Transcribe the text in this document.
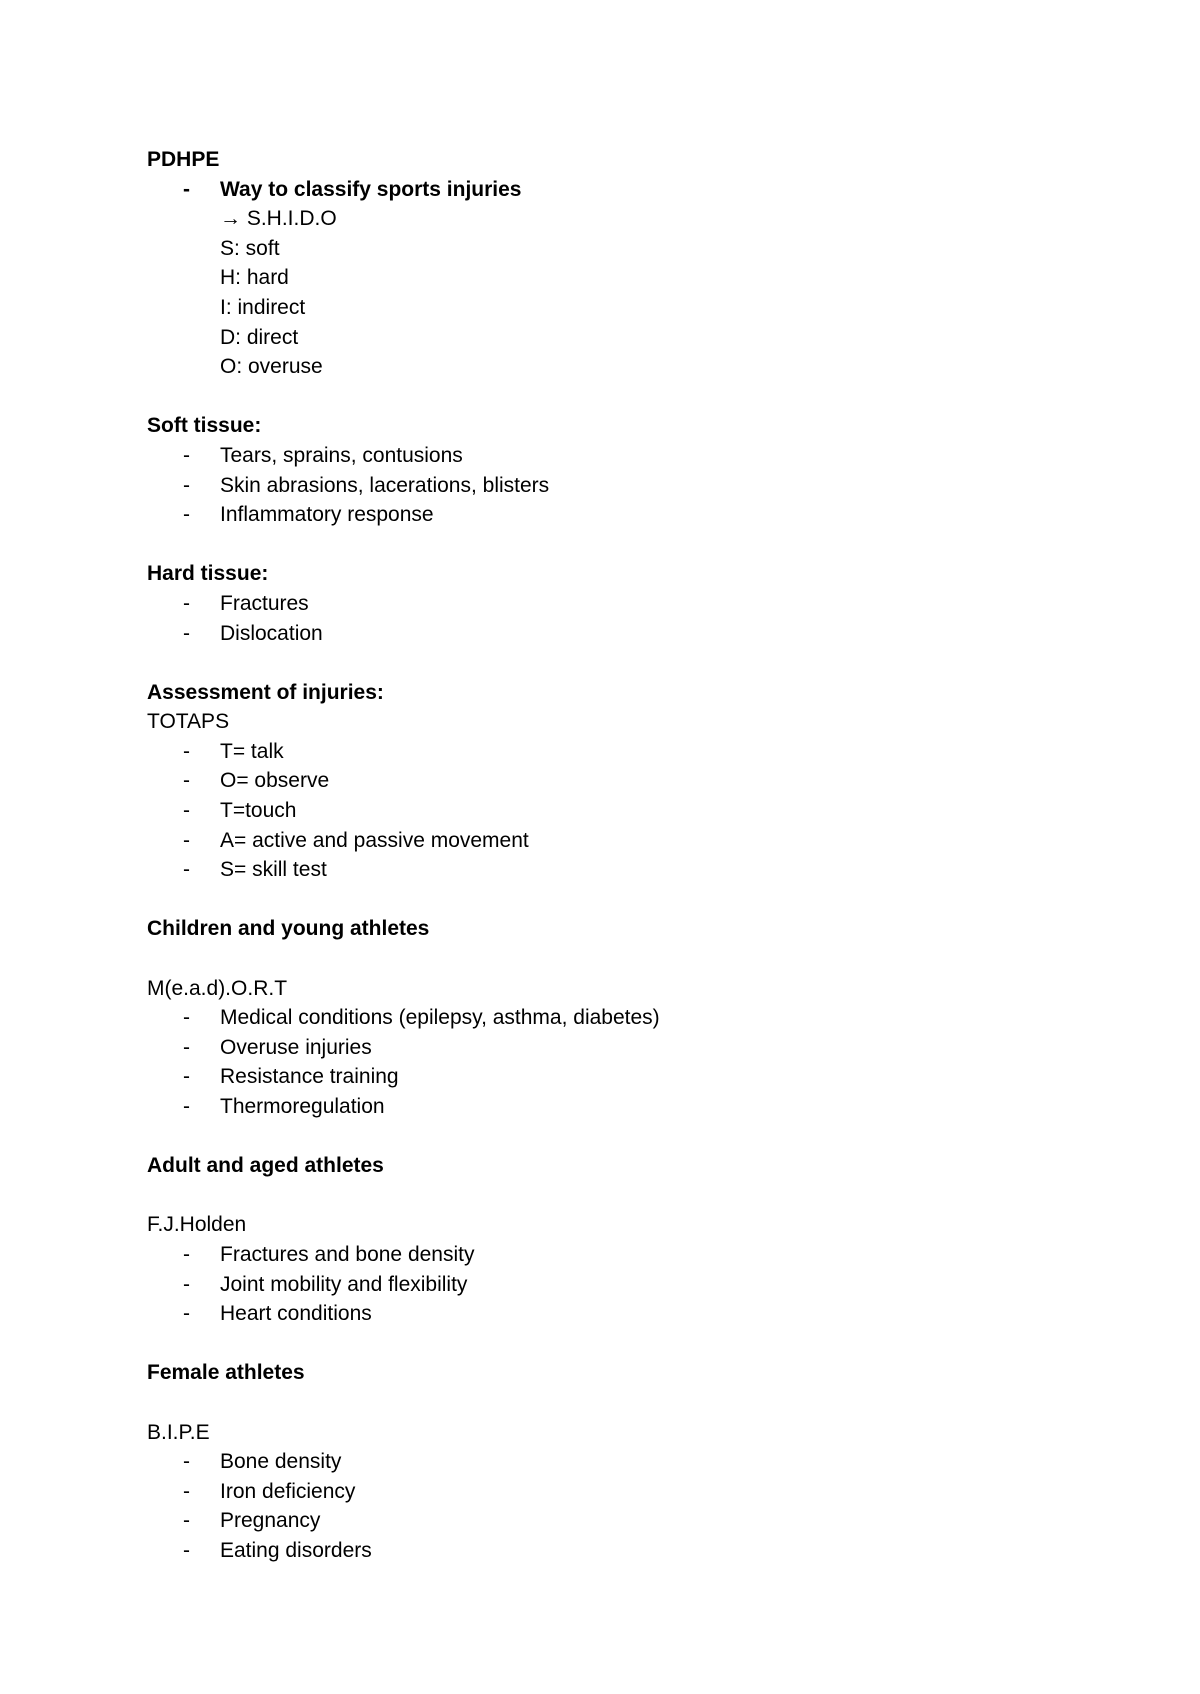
PDHPE
- Way to classify sports injuries
→ S.H.I.D.O
S: soft
H: hard
I: indirect
D: direct
O: overuse
Soft tissue:
- Tears, sprains, contusions
- Skin abrasions, lacerations, blisters
- Inflammatory response
Hard tissue:
- Fractures
- Dislocation
Assessment of injuries:
TOTAPS
- T= talk
- O= observe
- T=touch
- A= active and passive movement
- S= skill test
Children and young athletes
M(e.a.d).O.R.T
- Medical conditions (epilepsy, asthma, diabetes)
- Overuse injuries
- Resistance training
- Thermoregulation
Adult and aged athletes
F.J.Holden
- Fractures and bone density
- Joint mobility and flexibility
- Heart conditions
Female athletes
B.I.P.E
- Bone density
- Iron deficiency
- Pregnancy
- Eating disorders
